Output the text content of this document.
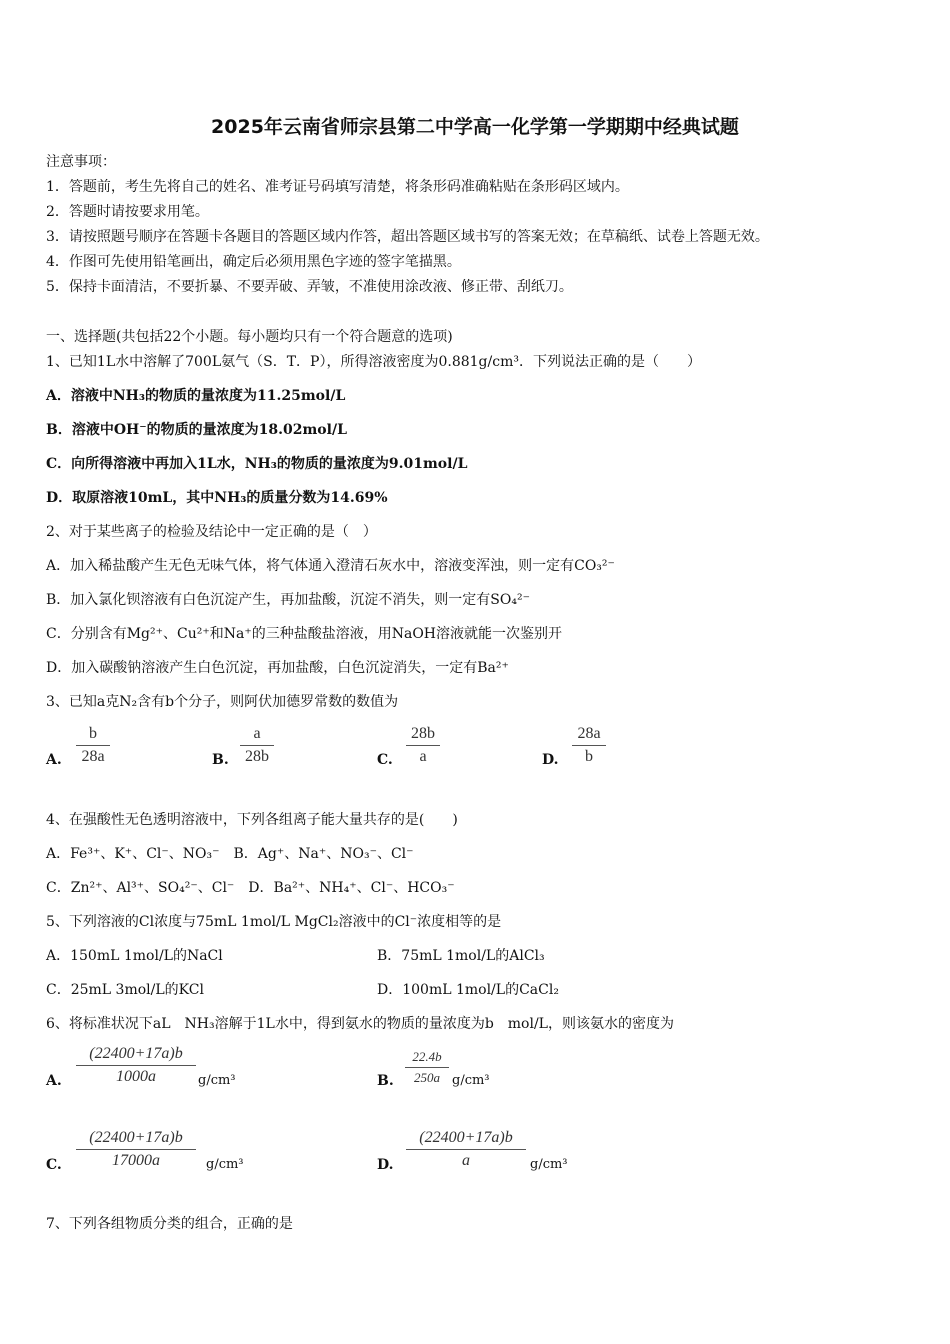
2025年云南省师宗县第二中学高一化学第一学期期中经典试题
注意事项：
1．答题前，考生先将自己的姓名、准考证号码填写清楚，将条形码准确粘贴在条形码区域内。
2．答题时请按要求用笔。
3．请按照题号顺序在答题卡各题目的答题区域内作答，超出答题区域书写的答案无效；在草稿纸、试卷上答题无效。
4．作图可先使用铅笔画出，确定后必须用黑色字迹的签字笔描黑。
5．保持卡面清洁，不要折暴、不要弄破、弄皱，不准使用涂改液、修正带、刮纸刀。
一、选择题(共包括22个小题。每小题均只有一个符合题意的选项)
1、已知1L水中溶解了700L氨气（S．T．P），所得溶液密度为0.881g/cm³．下列说法正确的是（　　）
A．溶液中NH₃的物质的量浓度为11.25mol/L
B．溶液中OH⁻的物质的量浓度为18.02mol/L
C．向所得溶液中再加入1L水，NH₃的物质的量浓度为9.01mol/L
D．取原溶液10mL，其中NH₃的质量分数为14.69%
2、对于某些离子的检验及结论中一定正确的是（　）
A．加入稀盐酸产生无色无味气体，将气体通入澄清石灰水中，溶液变浑浊，则一定有CO₃²⁻
B．加入氯化钡溶液有白色沉淀产生，再加盐酸，沉淀不消失，则一定有SO₄²⁻
C．分别含有Mg²⁺、Cu²⁺和Na⁺的三种盐酸盐溶液，用NaOH溶液就能一次鉴别开
D．加入碳酸钠溶液产生白色沉淀，再加盐酸，白色沉淀消失，一定有Ba²⁺
3、已知a克N₂含有b个分子，则阿伏加德罗常数的数值为
A. $\frac{b}{28a}$	B. $\frac{a}{28b}$	C. $\frac{28b}{a}$	D. $\frac{28a}{b}$
4、在强酸性无色透明溶液中，下列各组离子能大量共存的是(　　)
A．Fe³⁺、K⁺、Cl⁻、NO₃⁻　B．Ag⁺、Na⁺、NO₃⁻、Cl⁻
C．Zn²⁺、Al³⁺、SO₄²⁻、Cl⁻　D．Ba²⁺、NH₄⁺、Cl⁻、HCO₃⁻
5、下列溶液的Cl浓度与75mL 1mol/L MgCl₂溶液中的Cl⁻浓度相等的是
A．150mL 1mol/L的NaCl	B．75mL 1mol/L的AlCl₃
C．25mL 3mol/L的KCl	D．100mL 1mol/L的CaCl₂
6、将标准状况下aL　NH₃溶解于1L水中，得到氨水的物质的量浓度为b　mol/L，则该氨水的密度为
A. $\frac{(22400+17a)b}{1000a} g/cm^3$	B. $\frac{22.4b}{250a} g/cm^3$
C. $\frac{(22400+17a)b}{17000a} g/cm^3$	D. $\frac{(22400+17a)b}{a} g/cm^3$
7、下列各组物质分类的组合，正确的是
